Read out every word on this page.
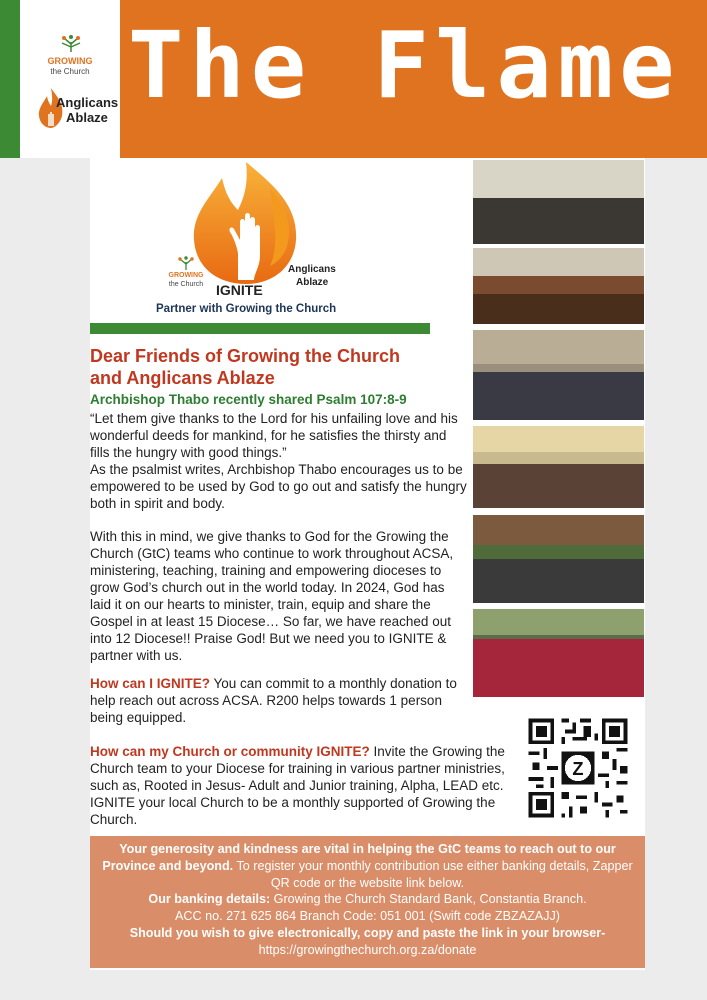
GROWING
the Church
Anglicans
Ablaze The Flame
GROWING
the Church
Anglicans
Ablaze
IGNITE
Partner with Growing the Church
Dear Friends of Growing the Church
and Anglicans Ablaze
Archbishop Thabo recently shared Psalm 107:8-9
“Let them give thanks to the Lord for his unfailing love and his wonderful deeds for mankind, for he satisfies the thirsty and fills the hungry with good things.”
As the psalmist writes, Archbishop Thabo encourages us to be empowered to be used by God to go out and satisfy the hungry both in spirit and body.
With this in mind, we give thanks to God for the Growing the Church (GtC) teams who continue to work throughout ACSA, ministering, teaching, training and empowering dioceses to grow God’s church out in the world today. In 2024, God has laid it on our hearts to minister, train, equip and share the Gospel in at least 15 Diocese… So far, we have reached out into 12 Diocese!! Praise God! But we need you to IGNITE & partner with us.
How can I IGNITE? You can commit to a monthly donation to help reach out across ACSA. R200 helps towards 1 person being equipped.
How can my Church or community IGNITE? Invite the Growing the Church team to your Diocese for training in various partner ministries, such as, Rooted in Jesus- Adult and Junior training, Alpha, LEAD etc. IGNITE your local Church to be a monthly supported of Growing the Church.
Z
Your generosity and kindness are vital in helping the GtC teams to reach out to our Province and beyond. To register your monthly contribution use either banking details, Zapper QR code or the website link below.
Our banking details: Growing the Church Standard Bank, Constantia Branch.
ACC no. 271 625 864 Branch Code: 051 001 (Swift code ZBZAZAJJ)
Should you wish to give electronically, copy and paste the link in your browser-
https://growingthechurch.org.za/donate
